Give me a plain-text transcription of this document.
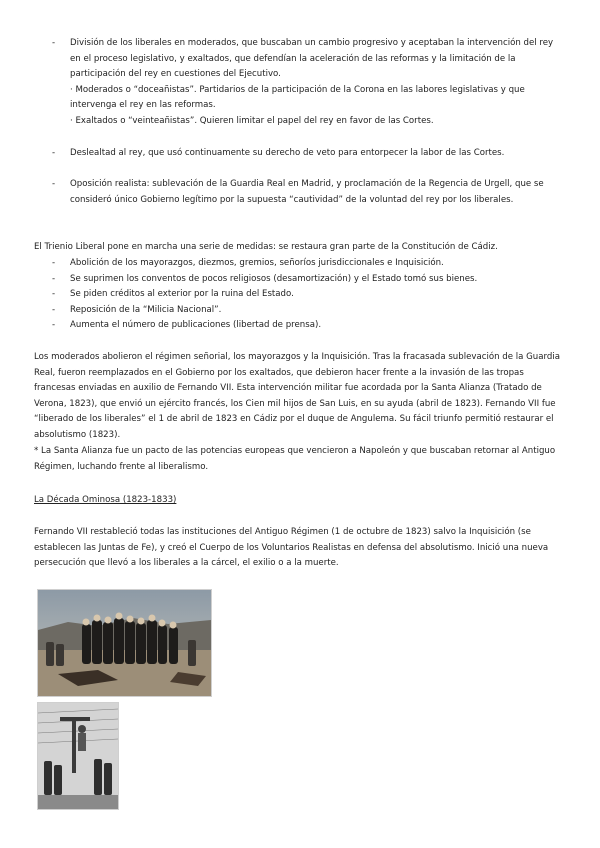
- División de los liberales en moderados, que buscaban un cambio progresivo y aceptaban la intervención del rey en el proceso legislativo, y exaltados, que defendían la aceleración de las reformas y la limitación de la participación del rey en cuestiones del Ejecutivo.
· Moderados o “doceañistas”. Partidarios de la participación de la Corona en las labores legislativas y que intervenga el rey en las reformas.
· Exaltados o “veinteañistas”. Quieren limitar el papel del rey en favor de las Cortes.
- Deslealtad al rey, que usó continuamente su derecho de veto para entorpecer la labor de las Cortes.
- Oposición realista: sublevación de la Guardia Real en Madrid, y proclamación de la Regencia de Urgell, que se consideró único Gobierno legítimo por la supuesta “cautividad” de la voluntad del rey por los liberales.

El Trienio Liberal pone en marcha una serie de medidas: se restaura gran parte de la Constitución de Cádiz.

- Abolición de los mayorazgos, diezmos, gremios, señoríos jurisdiccionales e Inquisición.
- Se suprimen los conventos de pocos religiosos (desamortización) y el Estado tomó sus bienes.
- Se piden créditos al exterior por la ruina del Estado.
- Reposición de la “Milicia Nacional”.
- Aumenta el número de publicaciones (libertad de prensa).

Los moderados abolieron el régimen señorial, los mayorazgos y la Inquisición. Tras la fracasada sublevación de la Guardia Real, fueron reemplazados en el Gobierno por los exaltados, que debieron hacer frente a la invasión de las tropas francesas enviadas en auxilio de Fernando VII. Esta intervención militar fue acordada por la Santa Alianza (Tratado de Verona, 1823), que envió un ejército francés, los Cien mil hijos de San Luis, en su ayuda (abril de 1823). Fernando VII fue “liberado de los liberales” el 1 de abril de 1823 en Cádiz por el duque de Angulema. Su fácil triunfo permitió restaurar el absolutismo (1823).

* La Santa Alianza fue un pacto de las potencias europeas que vencieron a Napoleón y que buscaban retornar al Antiguo Régimen, luchando frente al liberalismo.

La Década Ominosa (1823-1833)

Fernando VII restableció todas las instituciones del Antiguo Régimen (1 de octubre de 1823) salvo la Inquisición (se establecen las Juntas de Fe), y creó el Cuerpo de los Voluntarios Realistas en defensa del absolutismo. Inició una nueva persecución que llevó a los liberales a la cárcel, el exilio o a la muerte.
